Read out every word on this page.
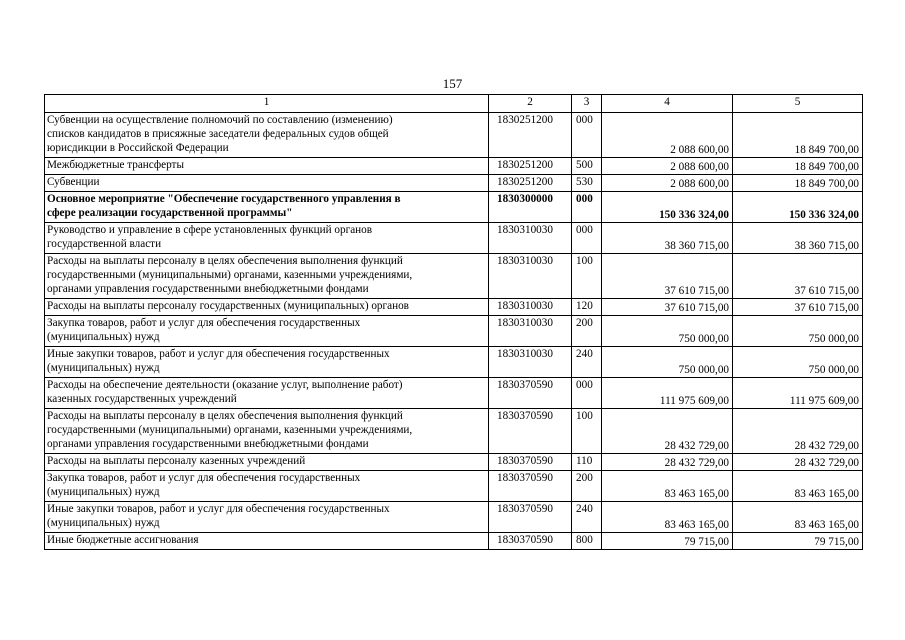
157
1	2	3	4	5

Субвенции на осуществление полномочий по составлению (изменению)
списков кандидатов в присяжные заседатели федеральных судов общей
юрисдикции в Российской Федерации	1830251200	000	2 088 600,00	18 849 700,00

Межбюджетные трансферты	1830251200	500	2 088 600,00	18 849 700,00

Субвенции	1830251200	530	2 088 600,00	18 849 700,00

Основное мероприятие "Обеспечение государственного управления в
сфере реализации государственной программы"	1830300000	000	150 336 324,00	150 336 324,00

Руководство и управление в сфере установленных функций органов
государственной власти	1830310030	000	38 360 715,00	38 360 715,00

Расходы на выплаты персоналу в целях обеспечения выполнения функций
государственными (муниципальными) органами, казенными учреждениями,
органами управления государственными внебюджетными фондами	1830310030	100	37 610 715,00	37 610 715,00

Расходы на выплаты персоналу государственных (муниципальных) органов	1830310030	120	37 610 715,00	37 610 715,00

Закупка товаров, работ и услуг для обеспечения государственных
(муниципальных) нужд	1830310030	200	750 000,00	750 000,00

Иные закупки товаров, работ и услуг для обеспечения государственных
(муниципальных) нужд	1830310030	240	750 000,00	750 000,00

Расходы на обеспечение деятельности (оказание услуг, выполнение работ)
казенных государственных учреждений	1830370590	000	111 975 609,00	111 975 609,00

Расходы на выплаты персоналу в целях обеспечения выполнения функций
государственными (муниципальными) органами, казенными учреждениями,
органами управления государственными внебюджетными фондами	1830370590	100	28 432 729,00	28 432 729,00

Расходы на выплаты персоналу казенных учреждений	1830370590	110	28 432 729,00	28 432 729,00

Закупка товаров, работ и услуг для обеспечения государственных
(муниципальных) нужд	1830370590	200	83 463 165,00	83 463 165,00

Иные закупки товаров, работ и услуг для обеспечения государственных
(муниципальных) нужд	1830370590	240	83 463 165,00	83 463 165,00

Иные бюджетные ассигнования	1830370590	800	79 715,00	79 715,00
